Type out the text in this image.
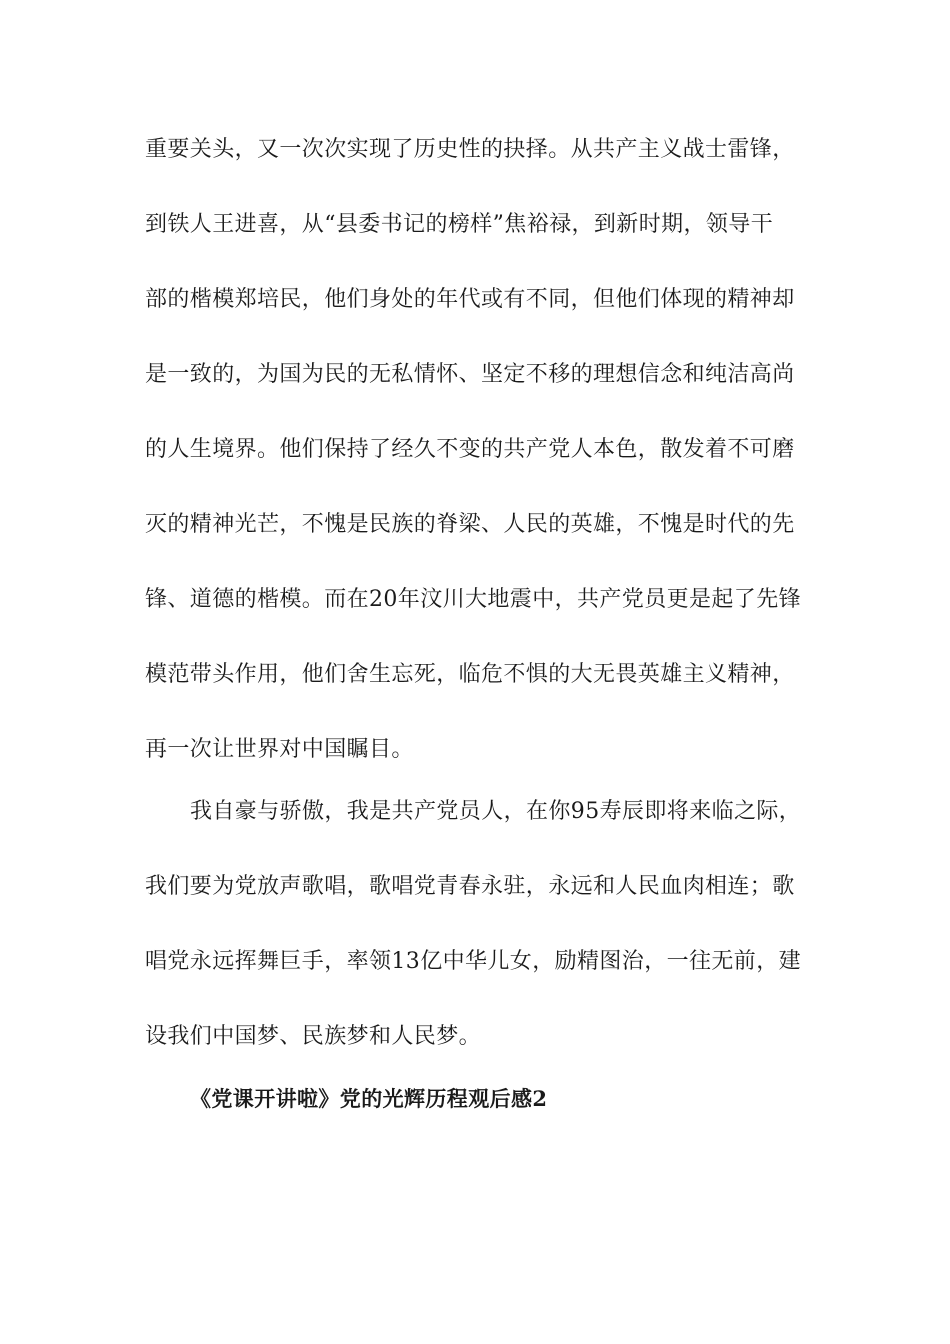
重要关头，又一次次实现了历史性的抉择。从共产主义战士雷锋，
到铁人王进喜，从“县委书记的榜样”焦裕禄，到新时期，领导干
部的楷模郑培民，他们身处的年代或有不同，但他们体现的精神却
是一致的，为国为民的无私情怀、坚定不移的理想信念和纯洁高尚
的人生境界。他们保持了经久不变的共产党人本色，散发着不可磨
灭的精神光芒，不愧是民族的脊梁、人民的英雄，不愧是时代的先
锋、道德的楷模。而在20年汶川大地震中，共产党员更是起了先锋
模范带头作用，他们舍生忘死，临危不惧的大无畏英雄主义精神，
再一次让世界对中国瞩目。
我自豪与骄傲，我是共产党员人，在你95寿辰即将来临之际，
我们要为党放声歌唱，歌唱党青春永驻，永远和人民血肉相连；歌
唱党永远挥舞巨手，率领13亿中华儿女，励精图治，一往无前，建
设我们中国梦、民族梦和人民梦。
《党课开讲啦》党的光辉历程观后感2
